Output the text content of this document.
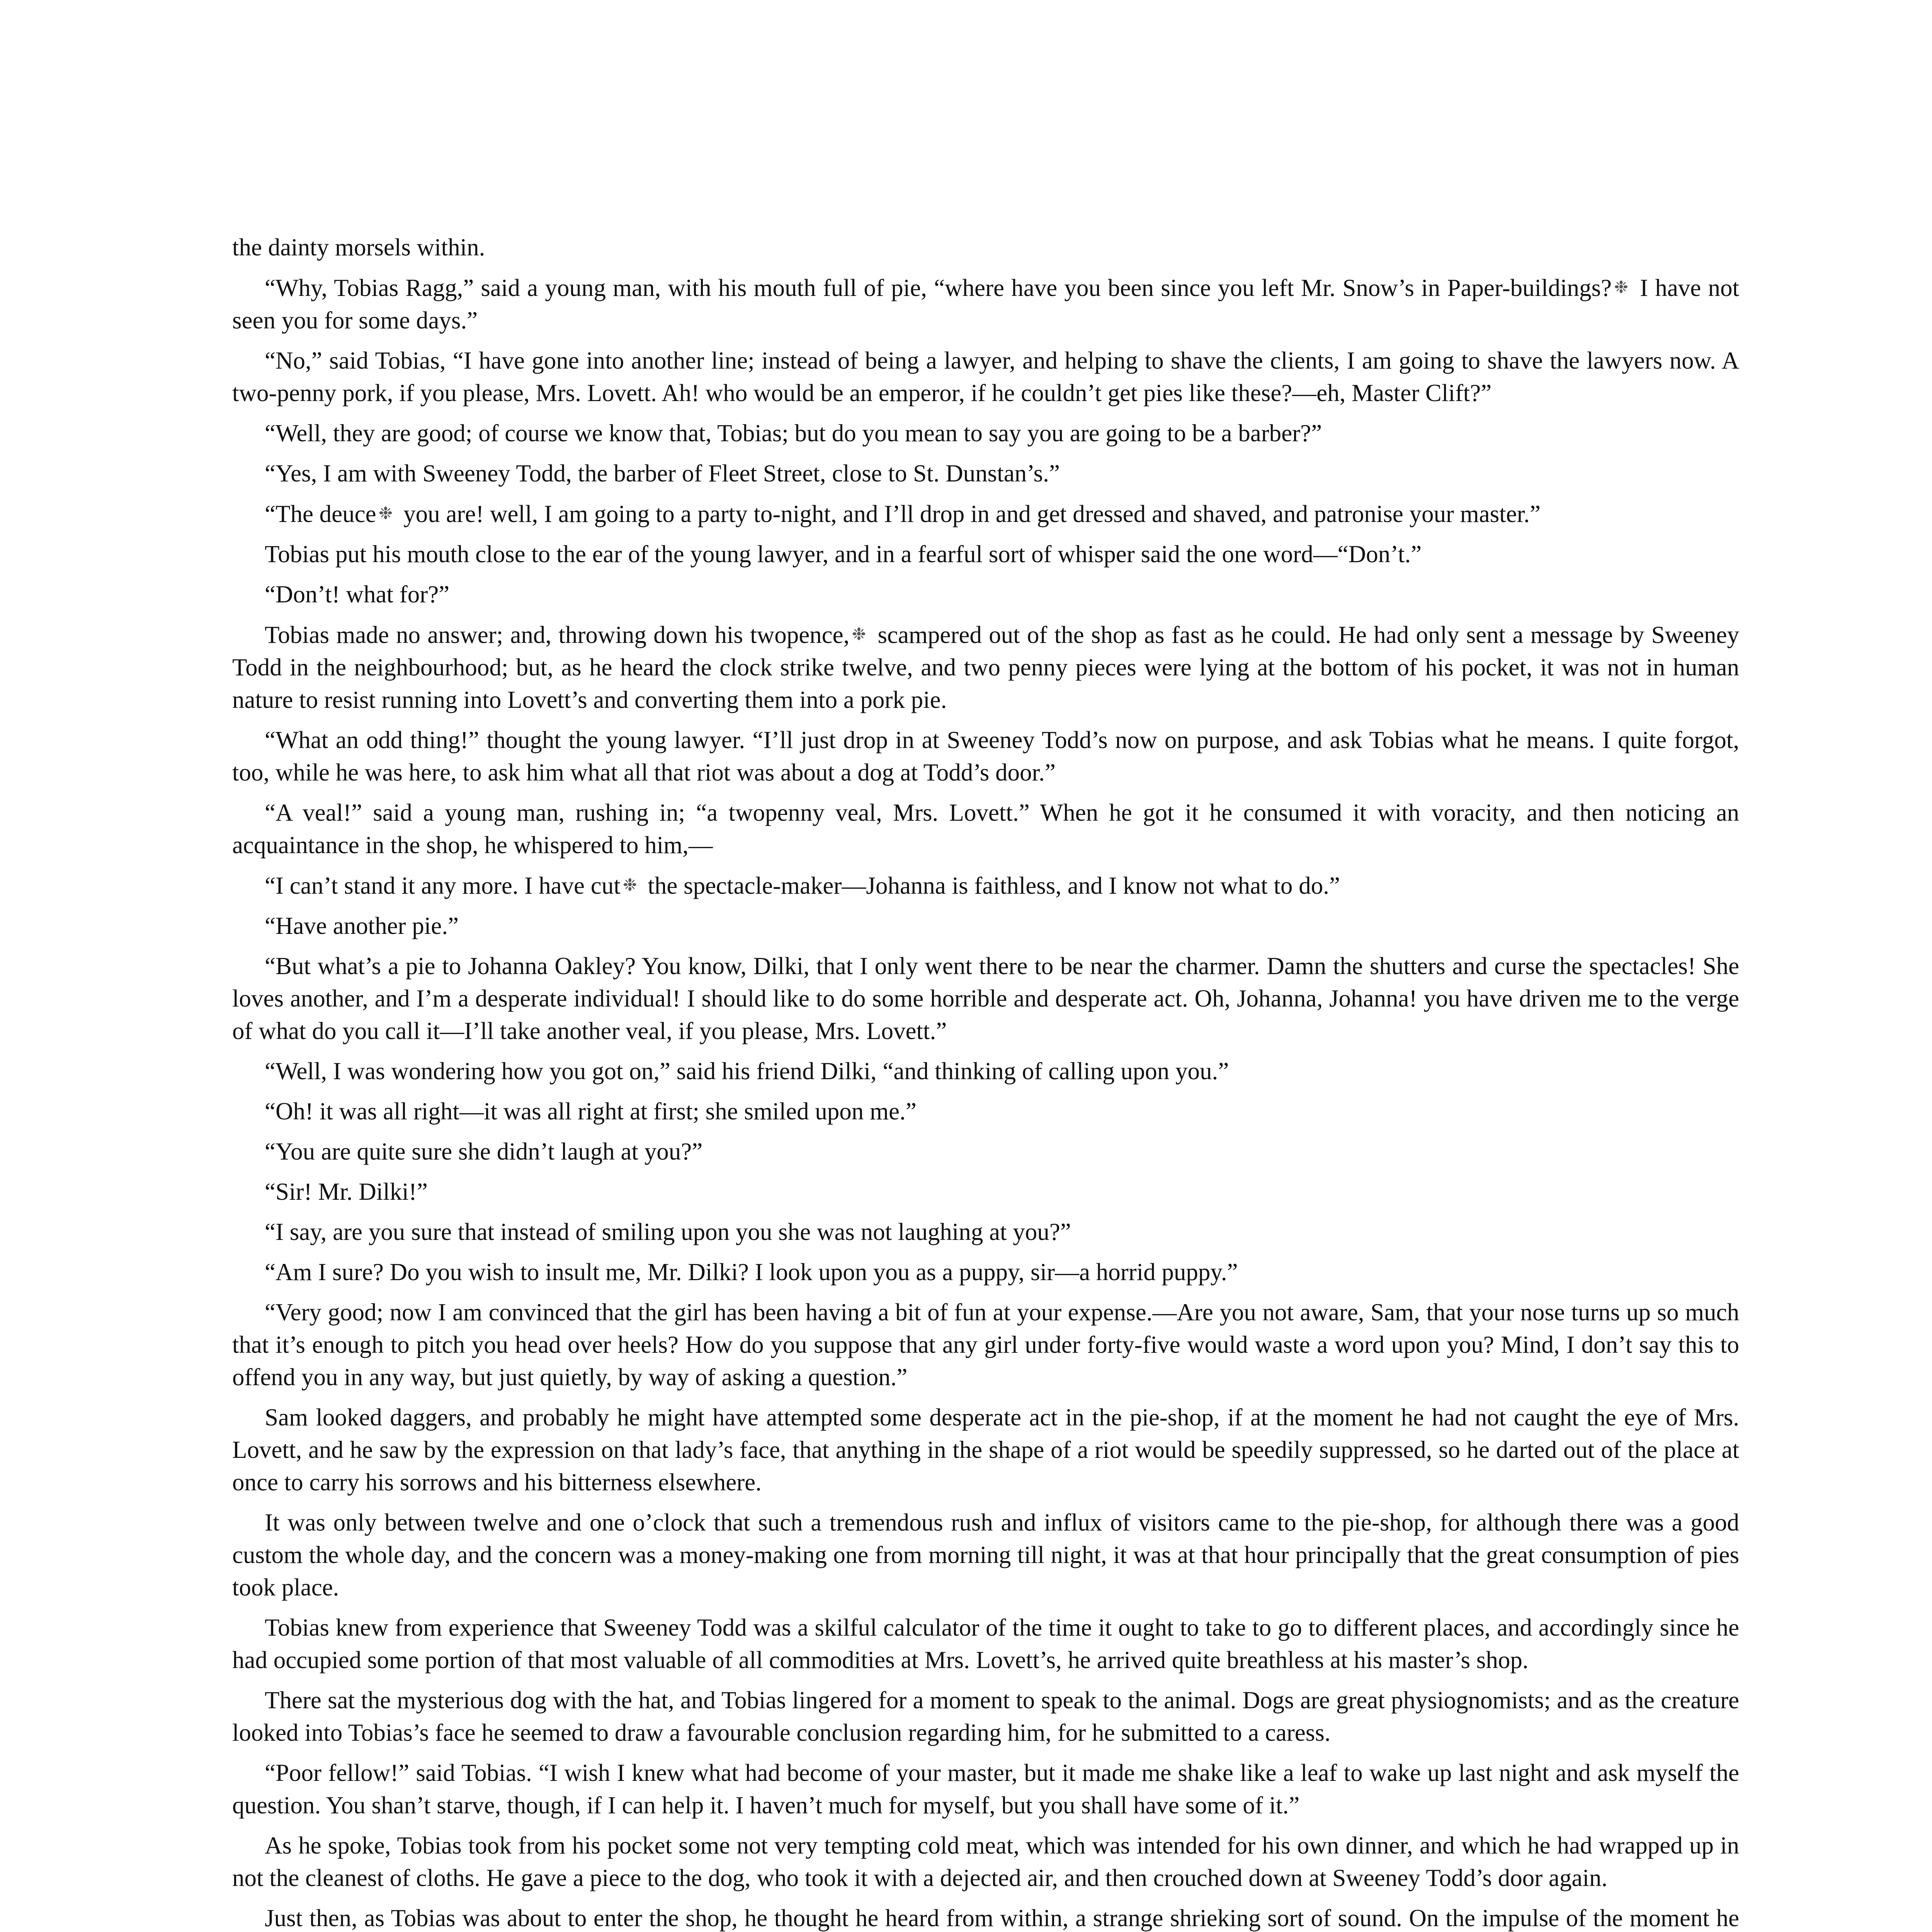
the dainty morsels within.

“Why, Tobias Ragg,” said a young man, with his mouth full of pie, “where have you been since you left Mr. Snow’s in Paper-buildings? ❉ I have not seen you for some days.”

“No,” said Tobias, “I have gone into another line; instead of being a lawyer, and helping to shave the clients, I am going to shave the lawyers now. A two-penny pork, if you please, Mrs. Lovett. Ah! who would be an emperor, if he couldn’t get pies like these?—eh, Master Clift?”

“Well, they are good; of course we know that, Tobias; but do you mean to say you are going to be a barber?”

“Yes, I am with Sweeney Todd, the barber of Fleet Street, close to St. Dunstan’s.”

“The deuce ❉ you are! well, I am going to a party to-night, and I’ll drop in and get dressed and shaved, and patronise your master.”

Tobias put his mouth close to the ear of the young lawyer, and in a fearful sort of whisper said the one word—“Don’t.”

“Don’t! what for?”

Tobias made no answer; and, throwing down his twopence, ❉ scampered out of the shop as fast as he could. He had only sent a message by Sweeney Todd in the neighbourhood; but, as he heard the clock strike twelve, and two penny pieces were lying at the bottom of his pocket, it was not in human nature to resist running into Lovett’s and converting them into a pork pie.

“What an odd thing!” thought the young lawyer. “I’ll just drop in at Sweeney Todd’s now on purpose, and ask Tobias what he means. I quite forgot, too, while he was here, to ask him what all that riot was about a dog at Todd’s door.”

“A veal!” said a young man, rushing in; “a twopenny veal, Mrs. Lovett.” When he got it he consumed it with voracity, and then noticing an acquaintance in the shop, he whispered to him,—

“I can’t stand it any more. I have cut ❉ the spectacle-maker—Johanna is faithless, and I know not what to do.”

“Have another pie.”

“But what’s a pie to Johanna Oakley? You know, Dilki, that I only went there to be near the charmer. Damn the shutters and curse the spectacles! She loves another, and I’m a desperate individual! I should like to do some horrible and desperate act. Oh, Johanna, Johanna! you have driven me to the verge of what do you call it—I’ll take another veal, if you please, Mrs. Lovett.”

“Well, I was wondering how you got on,” said his friend Dilki, “and thinking of calling upon you.”

“Oh! it was all right—it was all right at first; she smiled upon me.”

“You are quite sure she didn’t laugh at you?”

“Sir! Mr. Dilki!”

“I say, are you sure that instead of smiling upon you she was not laughing at you?”

“Am I sure? Do you wish to insult me, Mr. Dilki? I look upon you as a puppy, sir—a horrid puppy.”

“Very good; now I am convinced that the girl has been having a bit of fun at your expense.—Are you not aware, Sam, that your nose turns up so much that it’s enough to pitch you head over heels? How do you suppose that any girl under forty-five would waste a word upon you? Mind, I don’t say this to offend you in any way, but just quietly, by way of asking a question.”

Sam looked daggers, and probably he might have attempted some desperate act in the pie-shop, if at the moment he had not caught the eye of Mrs. Lovett, and he saw by the expression on that lady’s face, that anything in the shape of a riot would be speedily suppressed, so he darted out of the place at once to carry his sorrows and his bitterness elsewhere.

It was only between twelve and one o’clock that such a tremendous rush and influx of visitors came to the pie-shop, for although there was a good custom the whole day, and the concern was a money-making one from morning till night, it was at that hour principally that the great consumption of pies took place.

Tobias knew from experience that Sweeney Todd was a skilful calculator of the time it ought to take to go to different places, and accordingly since he had occupied some portion of that most valuable of all commodities at Mrs. Lovett’s, he arrived quite breathless at his master’s shop.

There sat the mysterious dog with the hat, and Tobias lingered for a moment to speak to the animal. Dogs are great physiognomists; and as the creature looked into Tobias’s face he seemed to draw a favourable conclusion regarding him, for he submitted to a caress.

“Poor fellow!” said Tobias. “I wish I knew what had become of your master, but it made me shake like a leaf to wake up last night and ask myself the question. You shan’t starve, though, if I can help it. I haven’t much for myself, but you shall have some of it.”

As he spoke, Tobias took from his pocket some not very tempting cold meat, which was intended for his own dinner, and which he had wrapped up in not the cleanest of cloths. He gave a piece to the dog, who took it with a dejected air, and then crouched down at Sweeney Todd’s door again.

Just then, as Tobias was about to enter the shop, he thought he heard from within, a strange shrieking sort of sound. On the impulse of the moment he
